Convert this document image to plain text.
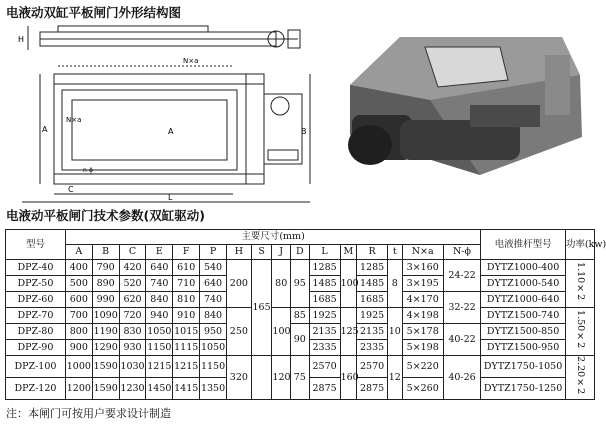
电液动双缸平板闸门外形结构图
H
N×a
N×a
A	A	B
n-ϕ
C
L
电液动平板闸门技术参数(双缸驱动)
型号	主要尺寸(mm)																电液推杆型号	功率(kw)
	A	B	C	E	F	P	H	S	J	D	L	M	R	t	N×a	N-ϕ		
DPZ-40	400	790	420	640	610	540	200	165	80	95	1285	100	1285	8	3×160	24-22	DYTZ1000-400	1.10×2
DPZ-50	500	890	520	740	710	640					1485		1485		3×195		DYTZ1000-540	
DPZ-60	600	990	620	840	810	740					1685		1685		4×170	32-22	DYTZ1000-640	
DPZ-70	700	1090	720	940	910	840	250		100	85	1925	125	1925	10	4×198		DYTZ1500-740	1.50×2
DPZ-80	800	1190	830	1050	1015	950				90	2135		2135		5×178	40-22	DYTZ1500-850	
DPZ-90	900	1290	930	1150	1115	1050					2335		2335		5×198		DYTZ1500-950	
DPZ-100	1000	1590	1030	1215	1215	1150	320		120	75	2570	160	2570	12	5×220	40-26	DYTZ1750-1050	2.20×2
DPZ-120	1200	1590	1230	1450	1415	1350					2875		2875		5×260		DYTZ1750-1250	
注：本闸门可按用户要求设计制造
